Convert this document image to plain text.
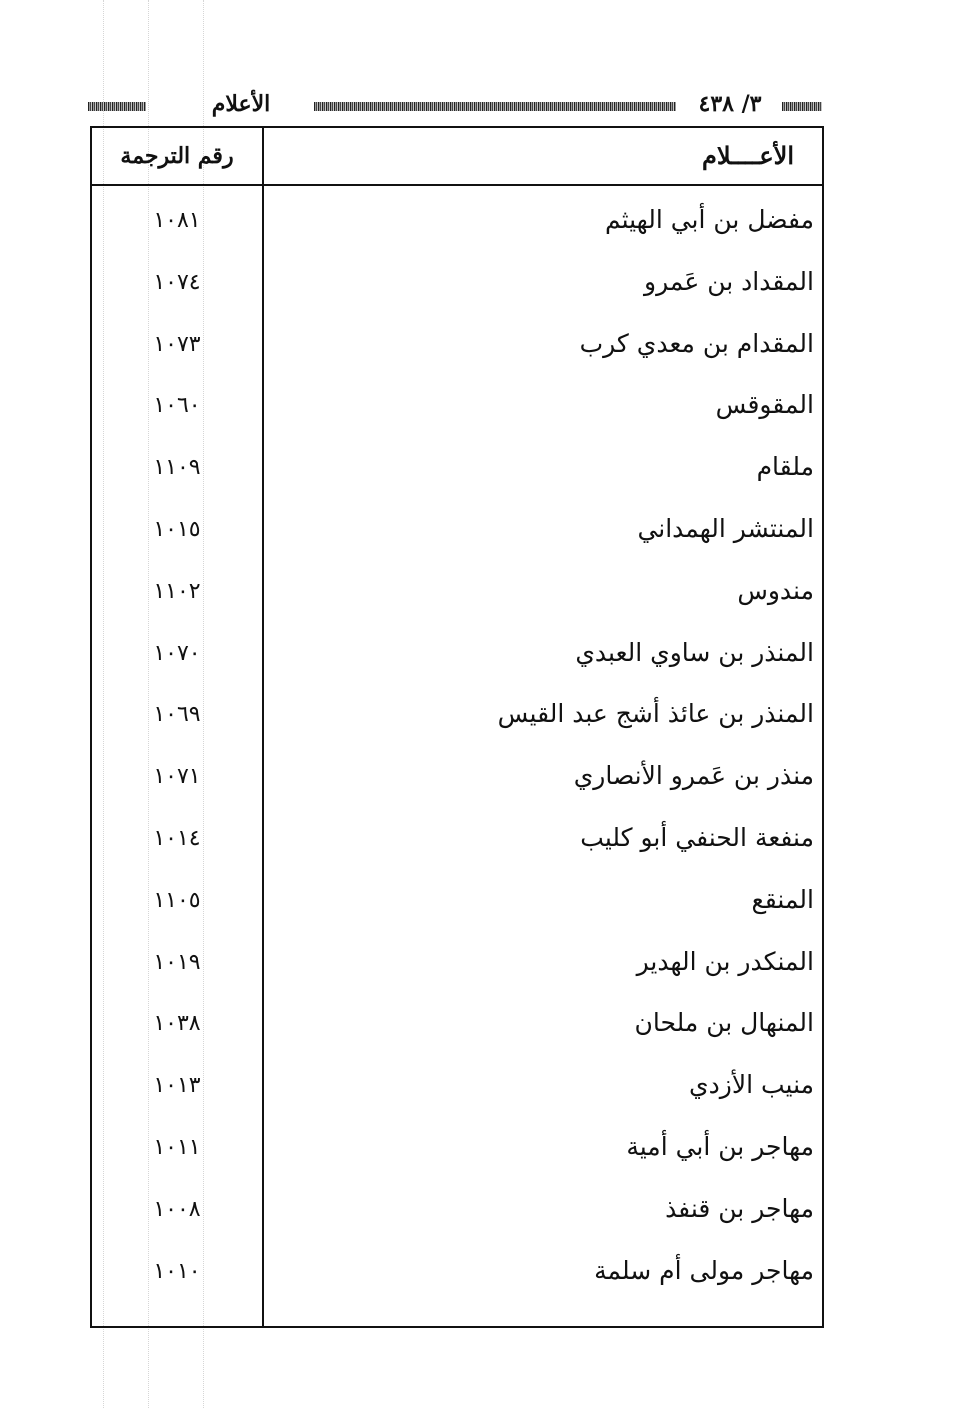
الأعلام	٣/ ٤٣٨
رقم الترجمة	الأعــــلام
١٠٨١	مفضل بن أبي الهيثم
١٠٧٤	المقداد بن عَمرو
١٠٧٣	المقدام بن معدي كرب
١٠٦٠	المقوقس
١١٠٩	ملقام
١٠١٥	المنتشر الهمداني
١١٠٢	مندوس
١٠٧٠	المنذر بن ساوي العبدي
١٠٦٩	المنذر بن عائذ أشج عبد القيس
١٠٧١	منذر بن عَمرو الأنصاري
١٠١٤	منفعة الحنفي أبو كليب
١١٠٥	المنقع
١٠١٩	المنكدر بن الهدير
١٠٣٨	المنهال بن ملحان
١٠١٣	منيب الأزدي
١٠١١	مهاجر بن أبي أمية
١٠٠٨	مهاجر بن قنفذ
١٠١٠	مهاجر مولى أم سلمة
